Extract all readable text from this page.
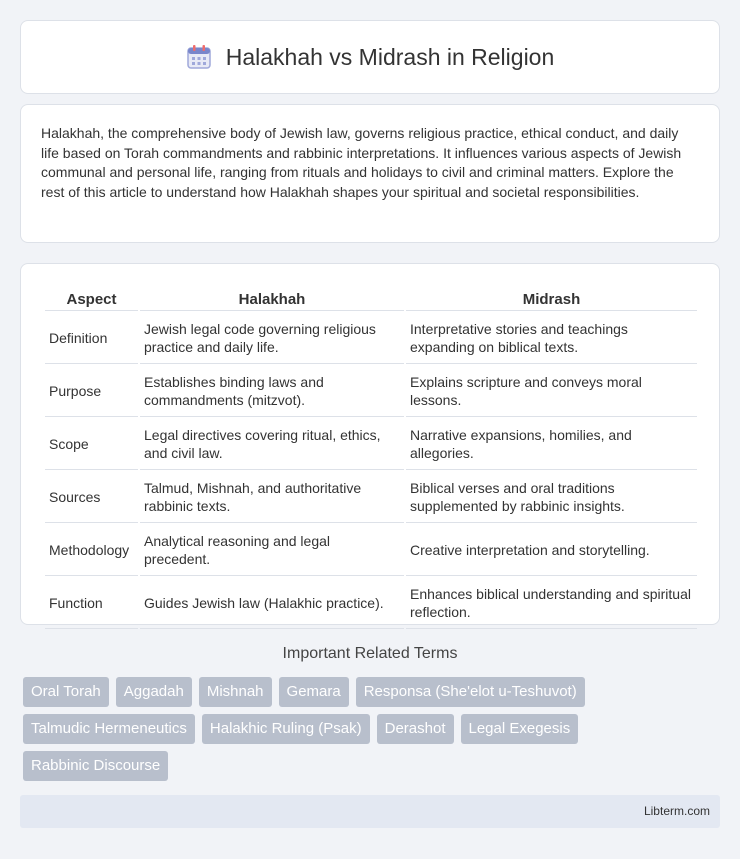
Halakhah vs Midrash in Religion

Halakhah, the comprehensive body of Jewish law, governs religious practice, ethical conduct, and daily life based on Torah commandments and rabbinic interpretations. It influences various aspects of Jewish communal and personal life, ranging from rituals and holidays to civil and criminal matters. Explore the rest of this article to understand how Halakhah shapes your spiritual and societal responsibilities.

Aspect	Halakhah	Midrash
Definition	Jewish legal code governing religious practice and daily life.	Interpretative stories and teachings expanding on biblical texts.
Purpose	Establishes binding laws and commandments (mitzvot).	Explains scripture and conveys moral lessons.
Scope	Legal directives covering ritual, ethics, and civil law.	Narrative expansions, homilies, and allegories.
Sources	Talmud, Mishnah, and authoritative rabbinic texts.	Biblical verses and oral traditions supplemented by rabbinic insights.
Methodology	Analytical reasoning and legal precedent.	Creative interpretation and storytelling.
Function	Guides Jewish law (Halakhic practice).	Enhances biblical understanding and spiritual reflection.
Important Related Terms
Oral Torah	Aggadah	Mishnah	Gemara	Responsa (She'elot u-Teshuvot)
Talmudic Hermeneutics	Halakhic Ruling (Psak)	Derashot	Legal Exegesis
Rabbinic Discourse
Libterm.com
